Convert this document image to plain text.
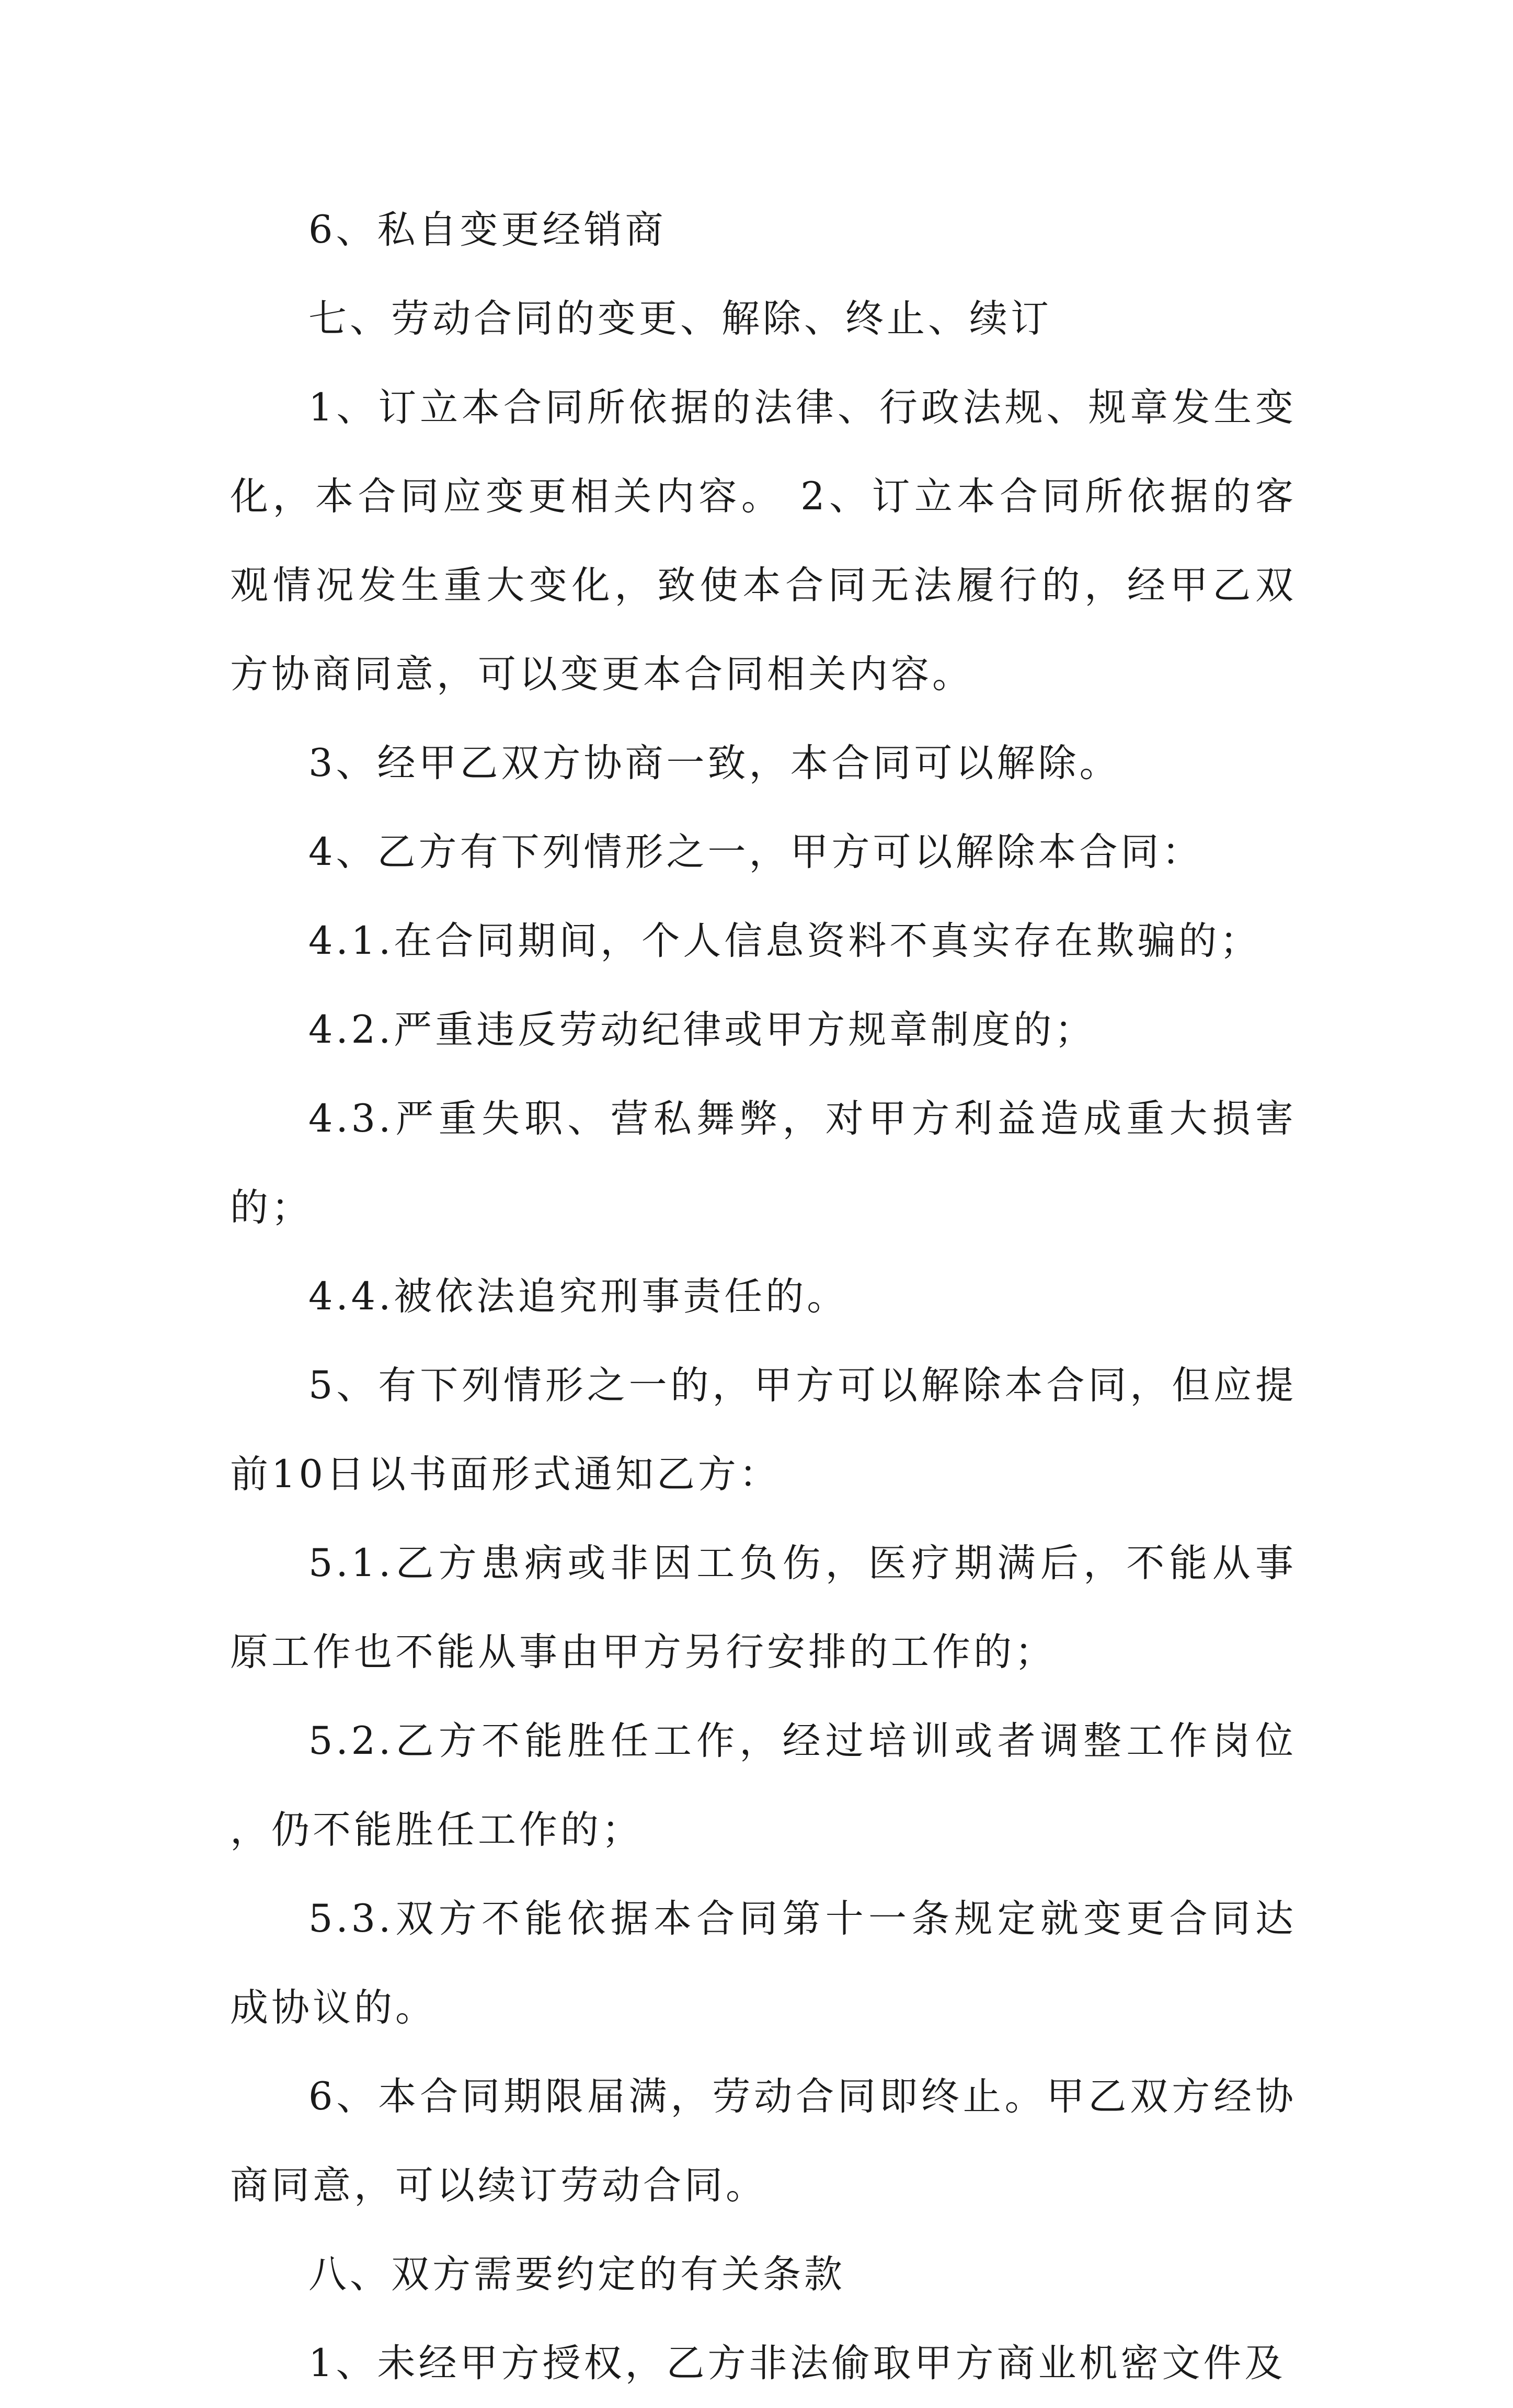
6、私自变更经销商

七、劳动合同的变更、解除、终止、续订

1、订立本合同所依据的法律、行政法规、规章发生变化，本合同应变更相关内容。 2、订立本合同所依据的客观情况发生重大变化，致使本合同无法履行的，经甲乙双方协商同意，可以变更本合同相关内容。

3、经甲乙双方协商一致，本合同可以解除。

4、乙方有下列情形之一，甲方可以解除本合同：

4.1.在合同期间，个人信息资料不真实存在欺骗的；

4.2.严重违反劳动纪律或甲方规章制度的；

4.3.严重失职、营私舞弊，对甲方利益造成重大损害的；

4.4.被依法追究刑事责任的。

5、有下列情形之一的，甲方可以解除本合同，但应提前10日以书面形式通知乙方：

5.1.乙方患病或非因工负伤，医疗期满后，不能从事原工作也不能从事由甲方另行安排的工作的；

5.2.乙方不能胜任工作，经过培训或者调整工作岗位，仍不能胜任工作的；

5.3.双方不能依据本合同第十一条规定就变更合同达成协议的。

6、本合同期限届满，劳动合同即终止。甲乙双方经协商同意，可以续订劳动合同。

八、双方需要约定的有关条款

1、未经甲方授权，乙方非法偷取甲方商业机密文件及
